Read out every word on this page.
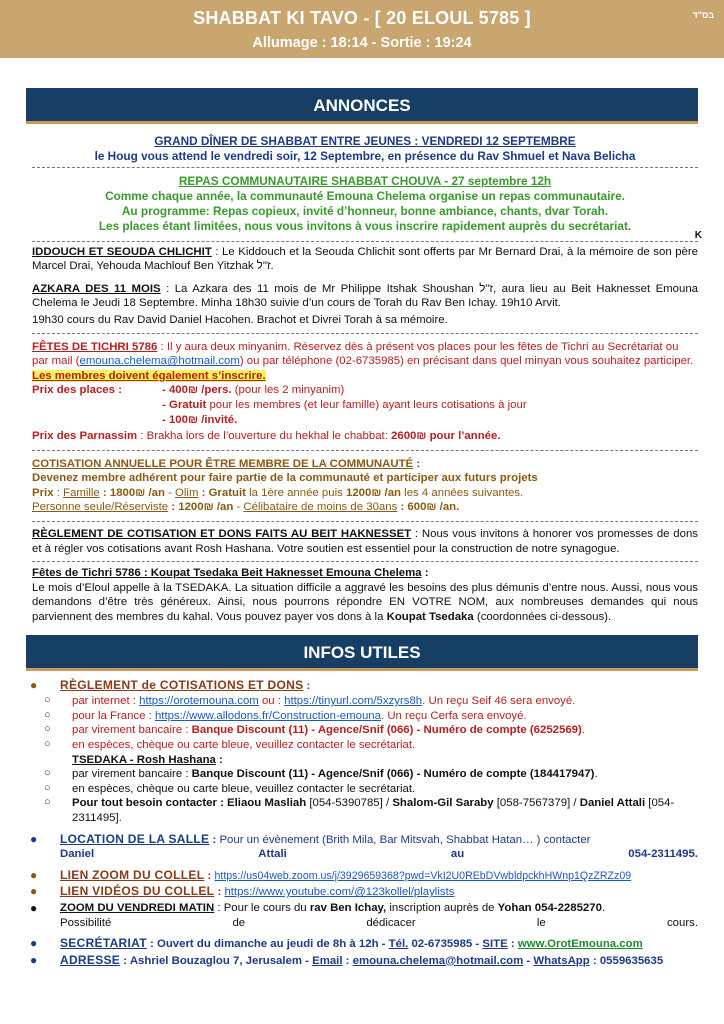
SHABBAT KI TAVO - [ 20 ELOUL 5785 ]
Allumage : 18:14 - Sortie : 19:24
בס"ד
ANNONCES
GRAND DÎNER DE SHABBAT ENTRE JEUNES : VENDREDI 12 SEPTEMBRE
le Houg vous attend le vendredi soir, 12 Septembre, en présence du Rav Shmuel et Nava Belicha
REPAS COMMUNAUTAIRE SHABBAT CHOUVA - 27 septembre 12h
Comme chaque année, la communauté Emouna Chelema organise un repas communautaire.
Au programme: Repas copieux, invité d’honneur, bonne ambiance, chants, dvar Torah.
Les places étant limitées, nous vous invitons à vous inscrire rapidement auprès du secrétariat.
K
IDDOUCH ET SEOUDA CHLICHIT : Le Kiddouch et la Seouda Chlichit sont offerts par Mr Bernard Drai, à la mémoire de son père Marcel Drai, Yehouda Machlouf Ben Yitzhak ז"ל.
AZKARA DES 11 MOIS : La Azkara des 11 mois de Mr Philippe Itshak Shoushan ז"ל, aura lieu au Beit Haknesset Emouna Chelema le Jeudi 18 Septembre. Minha 18h30 suivie d’un cours de Torah du Rav Ben Ichay. 19h10 Arvit.
19h30 cours du Rav David Daniel Hacohen. Brachot et Divrei Torah à sa mémoire.
FÊTES DE TICHRI 5786 : Il y aura deux minyanim. Réservez dès à présent vos places pour les fêtes de Tichri au Secrétariat ou par mail (emouna.chelema@hotmail.com) ou par téléphone (02-6735985) en précisant dans quel minyan vous souhaitez participer. Les membres doivent également s’inscrire.
Prix des places :	- 400₪ /pers. (pour les 2 minyanim)
- Gratuit pour les membres (et leur famille) ayant leurs cotisations à jour
- 100₪ /invité.
Prix des Parnassim : Brakha lors de l’ouverture du hekhal le chabbat: 2600₪ pour l’année.
COTISATION ANNUELLE POUR ÊTRE MEMBRE DE LA COMMUNAUTÉ :
Devenez membre adhérent pour faire partie de la communauté et participer aux futurs projets
Prix : Famille : 1800₪ /an - Olim : Gratuit la 1ère année puis 1200₪ /an les 4 années suivantes.
Personne seule/Réserviste : 1200₪ /an - Célibataire de moins de 30ans : 600₪ /an.
RÈGLEMENT DE COTISATION ET DONS FAITS AU BEIT HAKNESSET : Nous vous invitons à honorer vos promesses de dons et à régler vos cotisations avant Rosh Hashana. Votre soutien est essentiel pour la construction de notre synagogue.
Fêtes de Tichri 5786 : Koupat Tsedaka Beit Haknesset Emouna Chelema :
Le mois d’Eloul appelle à la TSEDAKA. La situation difficile a aggravé les besoins des plus démunis d’entre nous. Aussi, nous vous demandons d’être très généreux. Ainsi, nous pourrons répondre EN VOTRE NOM, aux nombreuses demandes qui nous parviennent des membres du kahal. Vous pouvez payer vos dons à la Koupat Tsedaka (coordonnées ci-dessous).
INFOS UTILES
● RÈGLEMENT de COTISATIONS ET DONS :
○ par internet : https://orotemouna.com ou : https://tinyurl.com/5xzyrs8h. Un reçu Seif 46 sera envoyé.
○ pour la France : https://www.allodons.fr/Construction-emouna. Un reçu Cerfa sera envoyé.
○ par virement bancaire : Banque Discount (11) - Agence/Snif (066) - Numéro de compte (6252569).
○ en espèces, chèque ou carte bleue, veuillez contacter le secrétariat.
TSEDAKA - Rosh Hashana :
○ par virement bancaire : Banque Discount (11) - Agence/Snif (066) - Numéro de compte (184417947).
○ en espèces, chèque ou carte bleue, veuillez contacter le secrétariat.
○ Pour tout besoin contacter : Eliaou Masliah [054-5390785] / Shalom-Gil Saraby [058-7567379] / Daniel Attali [054-2311495].
● LOCATION DE LA SALLE : Pour un évènement (Brith Mila, Bar Mitsvah, Shabbat Hatan… ) contacter
Daniel	Attali	au	054-2311495.
● LIEN ZOOM DU COLLEL : https://us04web.zoom.us/j/3929659368?pwd=VkI2U0REbDVwbldpckhHWnp1QzZRZz09
● LIEN VIDÉOS DU COLLEL : https://www.youtube.com/@123kollel/playlists
● ZOOM DU VENDREDI MATIN : Pour le cours du rav Ben Ichay, inscription auprès de Yohan 054-2285270.
Possibilité	de	dédicacer	le	cours.
● SECRÉTARIAT : Ouvert du dimanche au jeudi de 8h à 12h - Tél. 02-6735985 - SITE : www.OrotEmouna.com
● ADRESSE : Ashriel Bouzaglou 7, Jerusalem - Email : emouna.chelema@hotmail.com - WhatsApp : 0559635635
